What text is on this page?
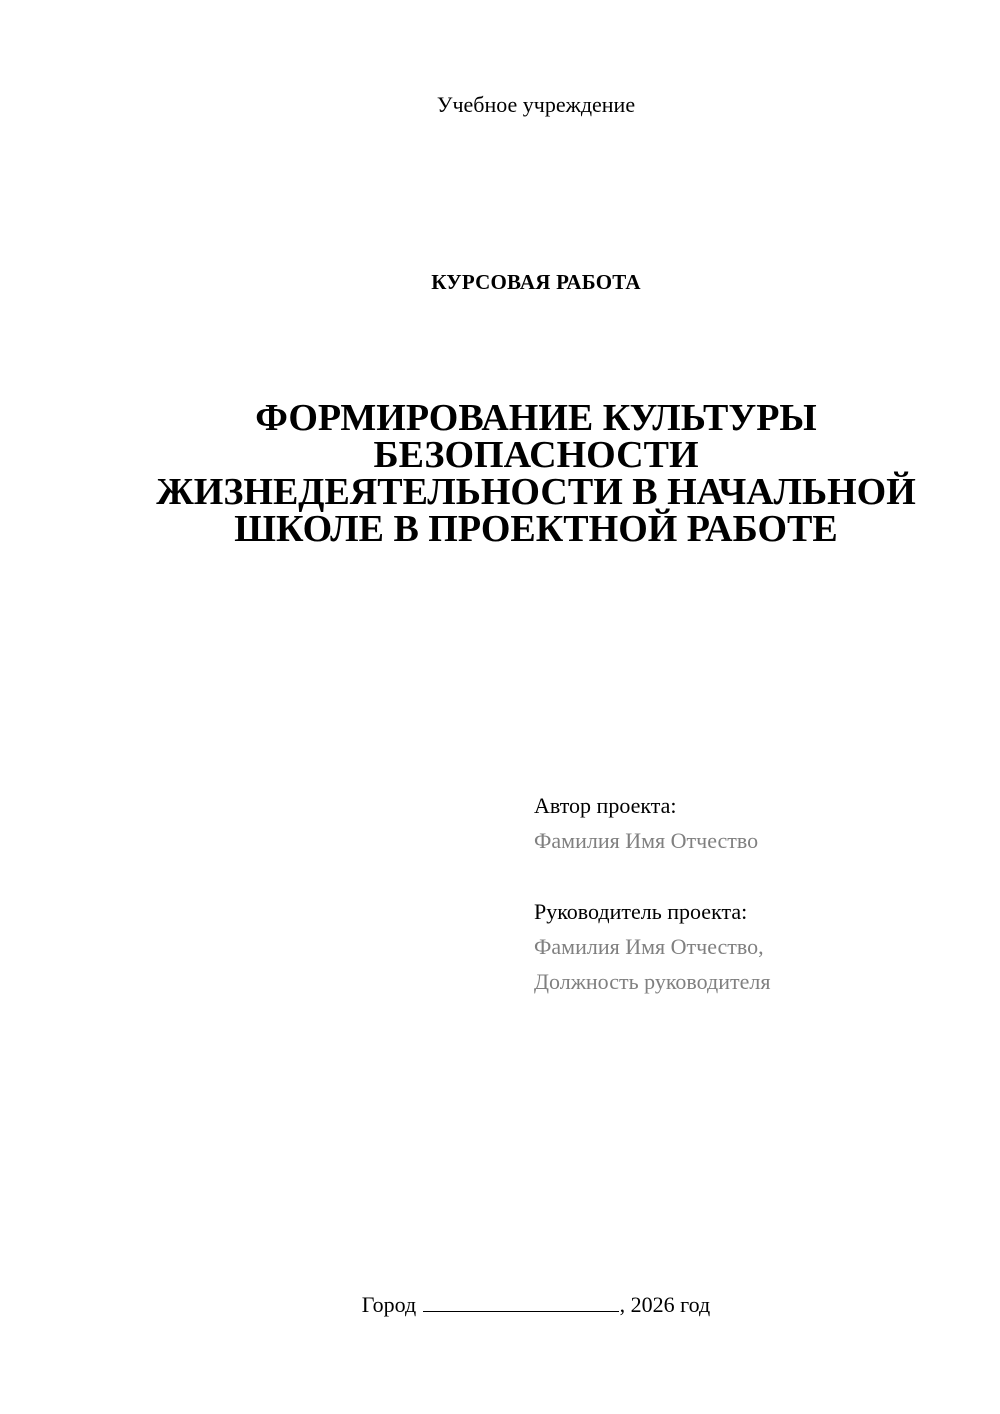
Учебное учреждение
КУРСОВАЯ РАБОТА
ФОРМИРОВАНИЕ КУЛЬТУРЫ
БЕЗОПАСНОСТИ
ЖИЗНЕДЕЯТЕЛЬНОСТИ В НАЧАЛЬНОЙ
ШКОЛЕ В ПРОЕКТНОЙ РАБОТЕ
Автор проекта:
Фамилия Имя Отчество
Руководитель проекта:
Фамилия Имя Отчество,
Должность руководителя
Город	, 2026 год
